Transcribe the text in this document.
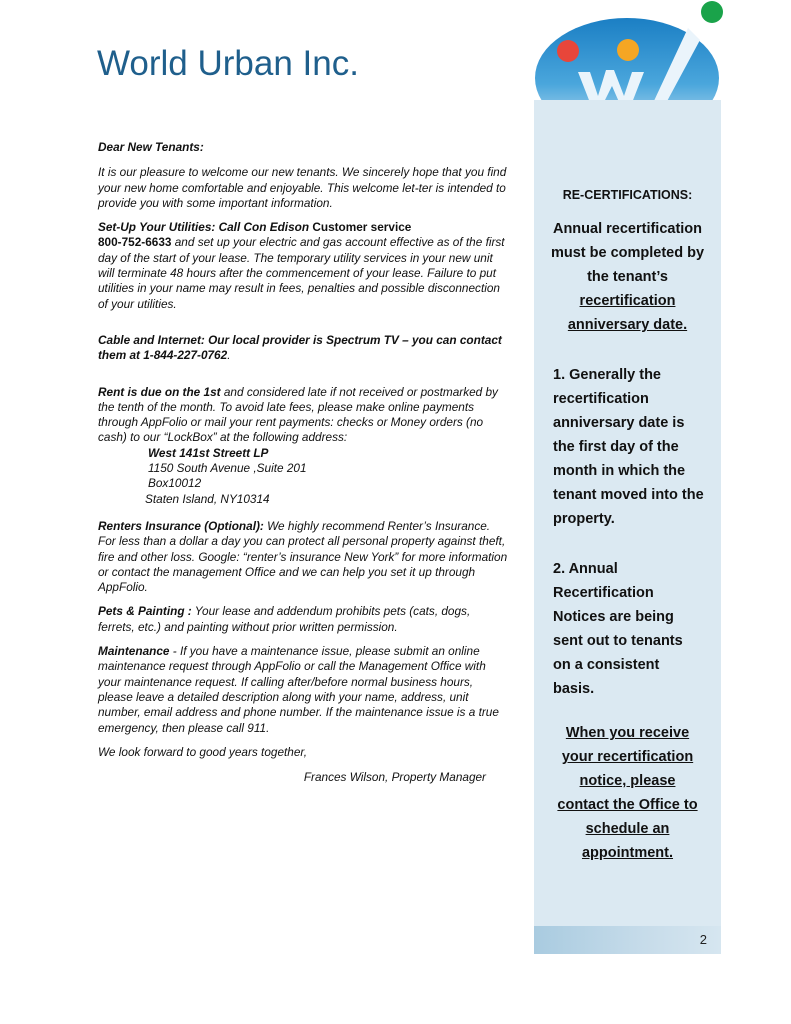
World Urban Inc.

Dear New Tenants:

It is our pleasure to welcome our new tenants. We sincerely hope that you find your new home comfortable and enjoyable. This welcome let-ter is intended to provide you with some important information.

Set-Up Your Utilities: Call Con Edison Customer service
800-752-6633 and set up your electric and gas account effective as of the first day of the start of your lease. The temporary utility services in your new unit will terminate 48 hours after the commencement of your lease. Failure to put utilities in your name may result in fees, penalties and possible disconnection of your utilities.

Cable and Internet: Our local provider is Spectrum TV – you can contact them at 1-844-227-0762.

Rent is due on the 1st and considered late if not received or postmarked by the tenth of the month. To avoid late fees, please make online payments through AppFolio or mail your rent payments: checks or Money orders (no cash) to our “LockBox” at the following address:

West 141st Streett LP

1150 South Avenue ,Suite 201

Box10012

Staten Island, NY10314

Renters Insurance (Optional): We highly recommend Renter’s Insurance. For less than a dollar a day you can protect all personal property against theft, fire and other loss. Google: “renter’s insurance New York” for more information or contact the management Office and we can help you set it up through AppFolio.

Pets & Painting : Your lease and addendum prohibits pets (cats, dogs, ferrets, etc.) and painting without prior written permission.

Maintenance - If you have a maintenance issue, please submit an online maintenance request through AppFolio or call the Management Office with your maintenance request. If calling after/before normal business hours, please leave a detailed description along with your name, address, unit number, email address and phone number. If the maintenance issue is a true emergency, then please call 911.

We look forward to good years together,

Frances Wilson, Property Manager

RE-CERTIFICATIONS:

Annual recertification must be completed by the tenant’s
recertification anniversary date.

1. Generally the recertification anniversary date is the first day of the month in which the tenant moved into the property.

2. Annual Recertification Notices are being sent out to tenants on a consistent basis.

When you receive your recertification notice, please contact the Office to schedule an appointment.

2
